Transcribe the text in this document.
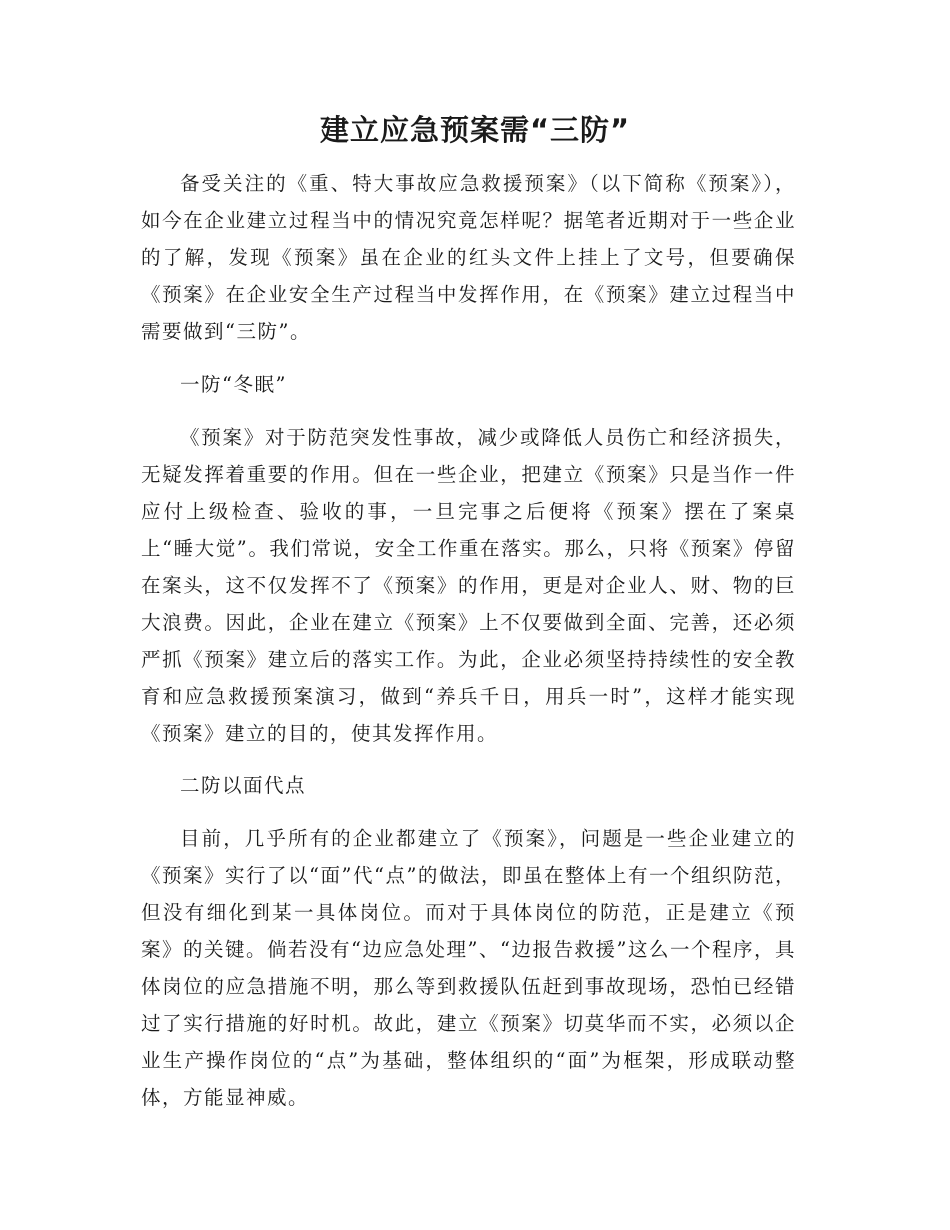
建立应急预案需“三防”

备受关注的《重、特大事故应急救援预案》（以下简称《预案》），如今在企业建立过程当中的情况究竟怎样呢？据笔者近期对于一些企业的了解，发现《预案》虽在企业的红头文件上挂上了文号，但要确保《预案》在企业安全生产过程当中发挥作用，在《预案》建立过程当中需要做到“三防”。

一防“冬眠”

《预案》对于防范突发性事故，减少或降低人员伤亡和经济损失，无疑发挥着重要的作用。但在一些企业，把建立《预案》只是当作一件应付上级检查、验收的事，一旦完事之后便将《预案》摆在了案桌上“睡大觉”。我们常说，安全工作重在落实。那么，只将《预案》停留在案头，这不仅发挥不了《预案》的作用，更是对企业人、财、物的巨大浪费。因此，企业在建立《预案》上不仅要做到全面、完善，还必须严抓《预案》建立后的落实工作。为此，企业必须坚持持续性的安全教育和应急救援预案演习，做到“养兵千日，用兵一时”，这样才能实现《预案》建立的目的，使其发挥作用。

二防以面代点

目前，几乎所有的企业都建立了《预案》，问题是一些企业建立的《预案》实行了以“面”代“点”的做法，即虽在整体上有一个组织防范，但没有细化到某一具体岗位。而对于具体岗位的防范，正是建立《预案》的关键。倘若没有“边应急处理”、“边报告救援”这么一个程序，具体岗位的应急措施不明，那么等到救援队伍赶到事故现场，恐怕已经错过了实行措施的好时机。故此，建立《预案》切莫华而不实，必须以企业生产操作岗位的“点”为基础，整体组织的“面”为框架，形成联动整体，方能显神威。
